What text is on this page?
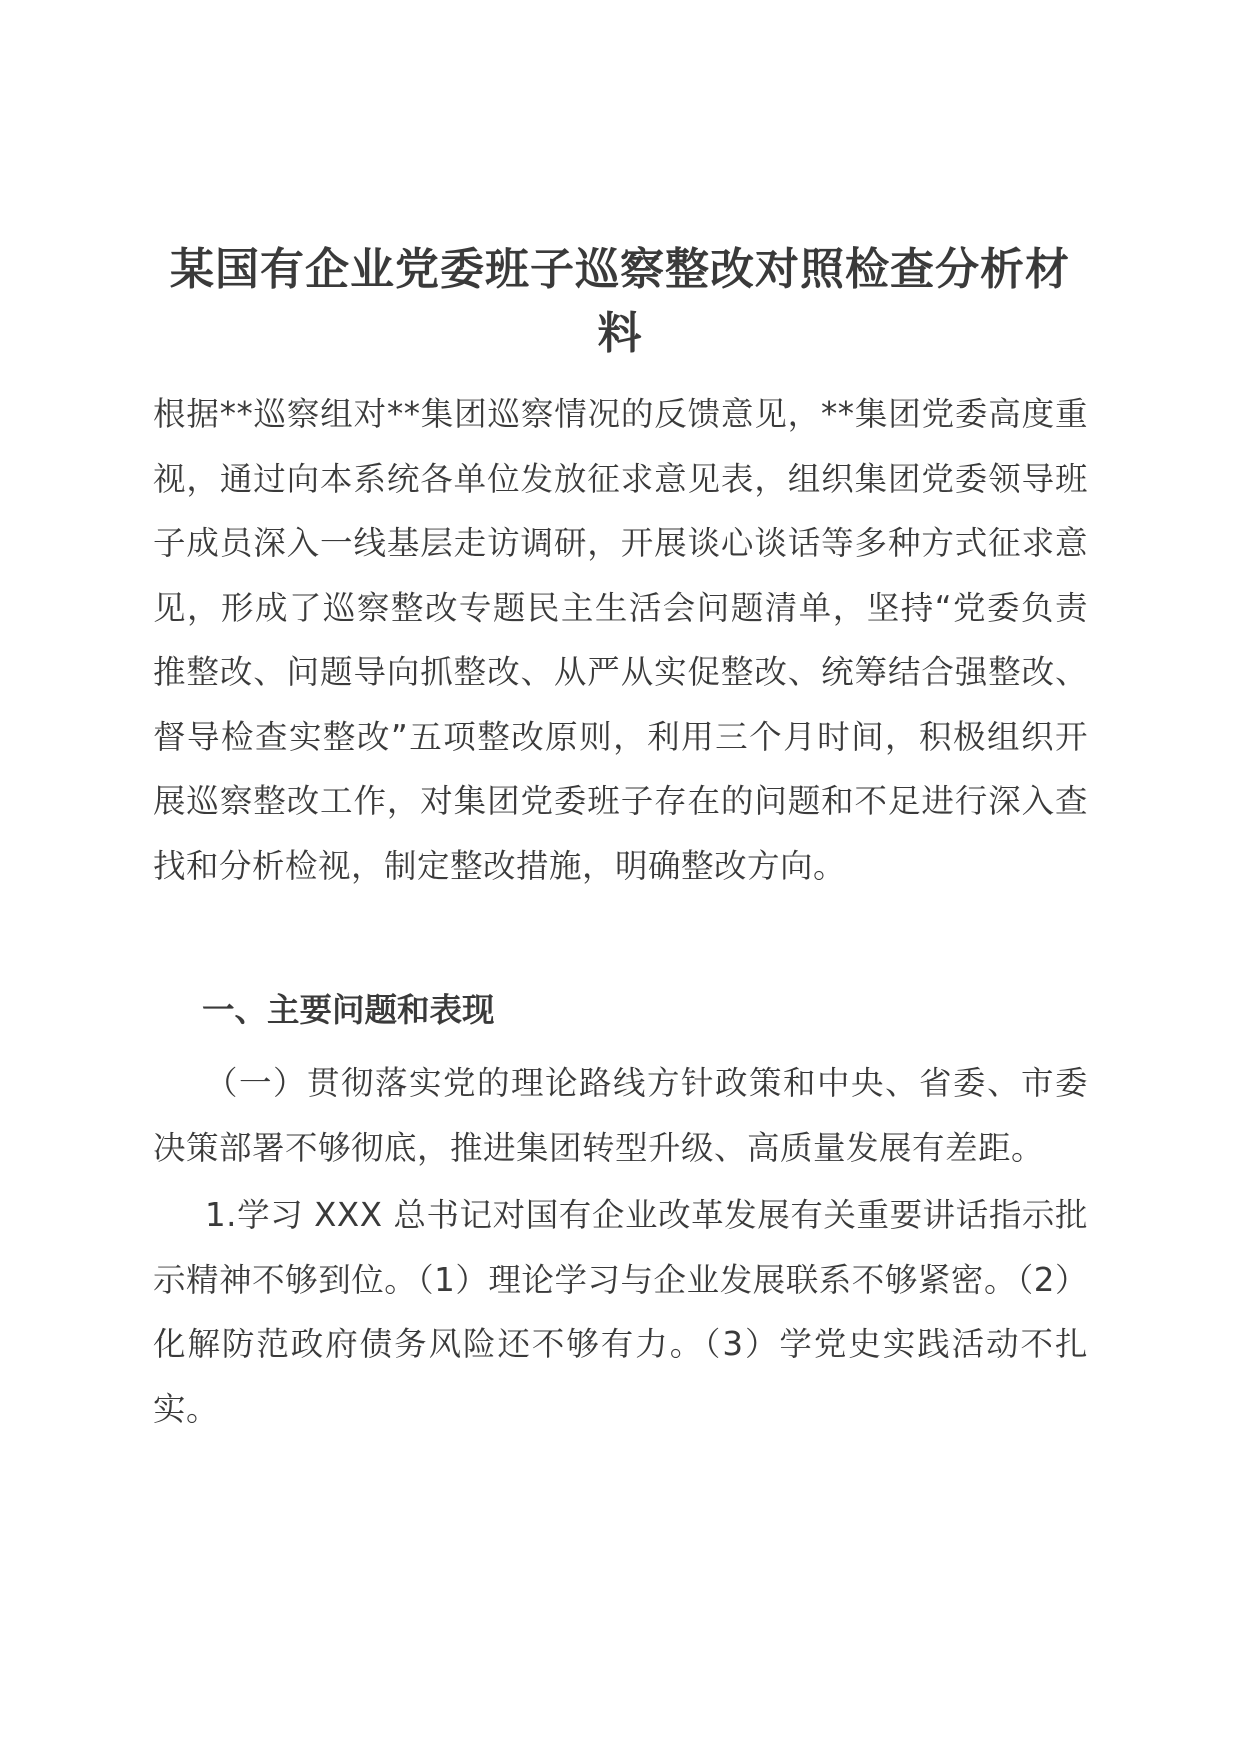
某国有企业党委班子巡察整改对照检查分析材料
根据**巡察组对**集团巡察情况的反馈意见，**集团党委高度重视，通过向本系统各单位发放征求意见表，组织集团党委领导班子成员深入一线基层走访调研，开展谈心谈话等多种方式征求意见，形成了巡察整改专题民主生活会问题清单，坚持“党委负责推整改、问题导向抓整改、从严从实促整改、统筹结合强整改、督导检查实整改”五项整改原则，利用三个月时间，积极组织开展巡察整改工作，对集团党委班子存在的问题和不足进行深入查找和分析检视，制定整改措施，明确整改方向。
一、主要问题和表现
（一）贯彻落实党的理论路线方针政策和中央、省委、市委决策部署不够彻底，推进集团转型升级、高质量发展有差距。
1.学习 XXX 总书记对国有企业改革发展有关重要讲话指示批示精神不够到位。（1）理论学习与企业发展联系不够紧密。（2）化解防范政府债务风险还不够有力。（3）学党史实践活动不扎实。
